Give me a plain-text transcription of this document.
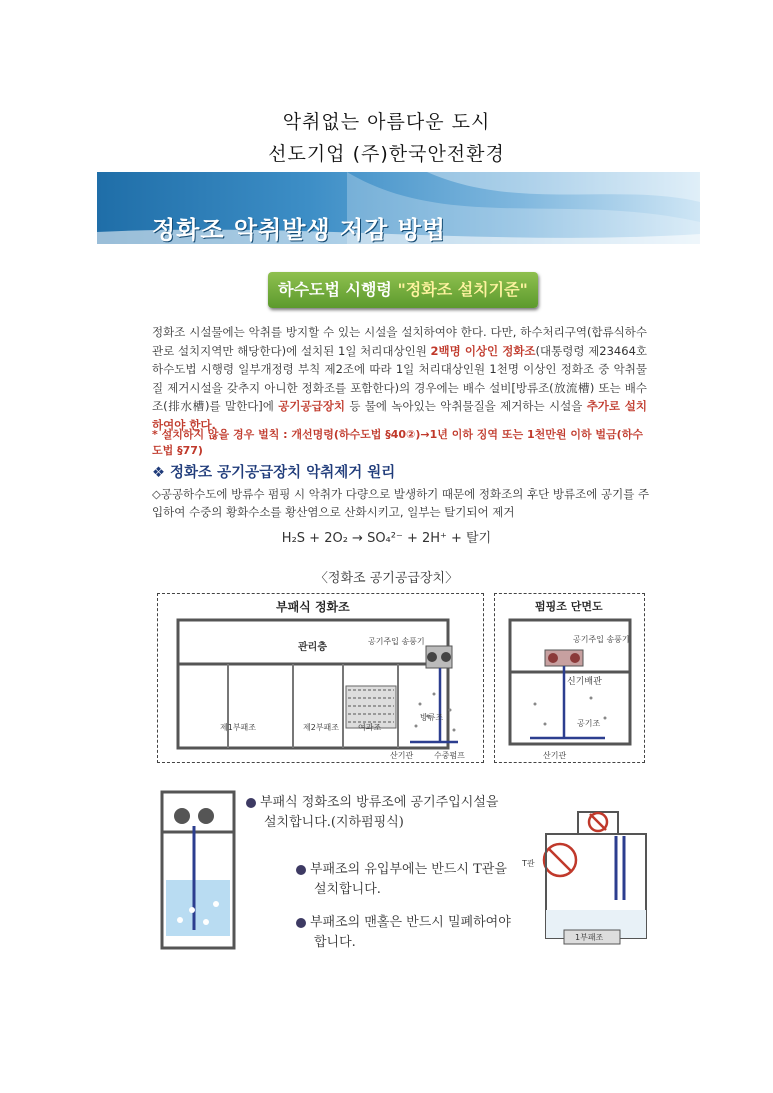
악취없는 아름다운 도시
선도기업 (주)한국안전환경
정화조 악취발생 저감 방법
하수도법 시행령 "정화조 설치기준"
정화조 시설물에는 악취를 방지할 수 있는 시설을 설치하여야 한다. 다만, 하수처리구역(합류식하수관로 설치지역만 해당한다)에 설치된 1일 처리대상인원 2백명 이상인 정화조(대통령령 제23464호 하수도법 시행령 일부개정령 부칙 제2조에 따라 1일 처리대상인원 1천명 이상인 정화조 중 악취물질 제거시설을 갖추지 아니한 정화조를 포함한다)의 경우에는 배수 설비[방류조(放流槽) 또는 배수조(排水槽)를 말한다]에 공기공급장치 등 물에 녹아있는 악취물질을 제거하는 시설을 추가로 설치하여야 한다.
* 설치하지 않을 경우 벌칙 : 개선명령(하수도법 §40②)→1년 이하 징역 또는 1천만원 이하 벌금(하수도법 §77)
❖ 정화조 공기공급장치 악취제거 원리
◇공공하수도에 방류수 펌핑 시 악취가 다량으로 발생하기 때문에 정화조의 후단 방류조에 공기를 주입하여 수중의 황화수소를 황산염으로 산화시키고, 일부는 탈기되어 제거
H₂S + 2O₂ → SO₄²⁻ + 2H⁺ + 탈기
〈정화조 공기공급장치〉
부패식 정화조
관리층
공기주입 송풍기
제1부패조	제2부패조 여과조
방류조
산기관	수중펌프
펌핑조 단면도
공기주입 송풍기
신기배관
공기조
산기관
부패식 정화조의 방류조에 공기주입시설을
설치합니다.(지하펌핑식)
부패조의 유입부에는 반드시 T관을
설치합니다.
부패조의 맨홀은 반드시 밀폐하여야
합니다.
T관
1부패조
